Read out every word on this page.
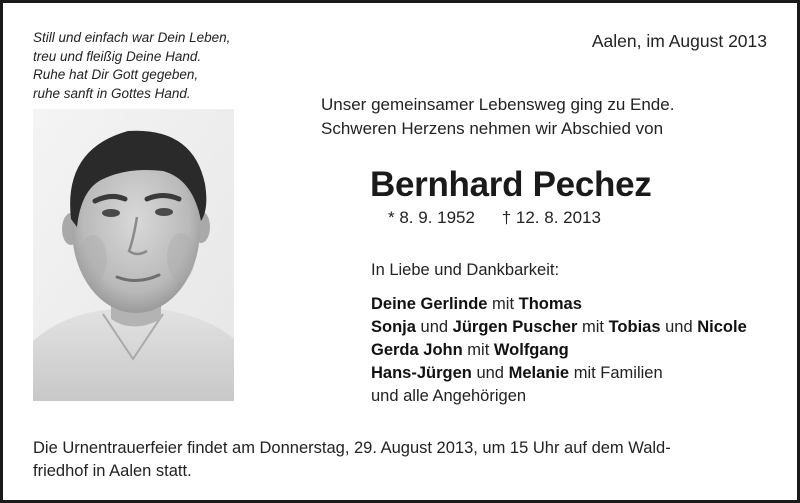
Still und einfach war Dein Leben,
treu und fleißig Deine Hand.
Ruhe hat Dir Gott gegeben,
ruhe sanft in Gottes Hand.
Aalen, im August 2013
Unser gemeinsamer Lebensweg ging zu Ende.
Schweren Herzens nehmen wir Abschied von
Bernhard Pechez
* 8. 9. 1952 † 12. 8. 2013
In Liebe und Dankbarkeit:
Deine Gerlinde mit Thomas
Sonja und Jürgen Puscher mit Tobias und Nicole
Gerda John mit Wolfgang
Hans-Jürgen und Melanie mit Familien
und alle Angehörigen
Die Urnentrauerfeier findet am Donnerstag, 29. August 2013, um 15 Uhr auf dem Wald-
friedhof in Aalen statt.
